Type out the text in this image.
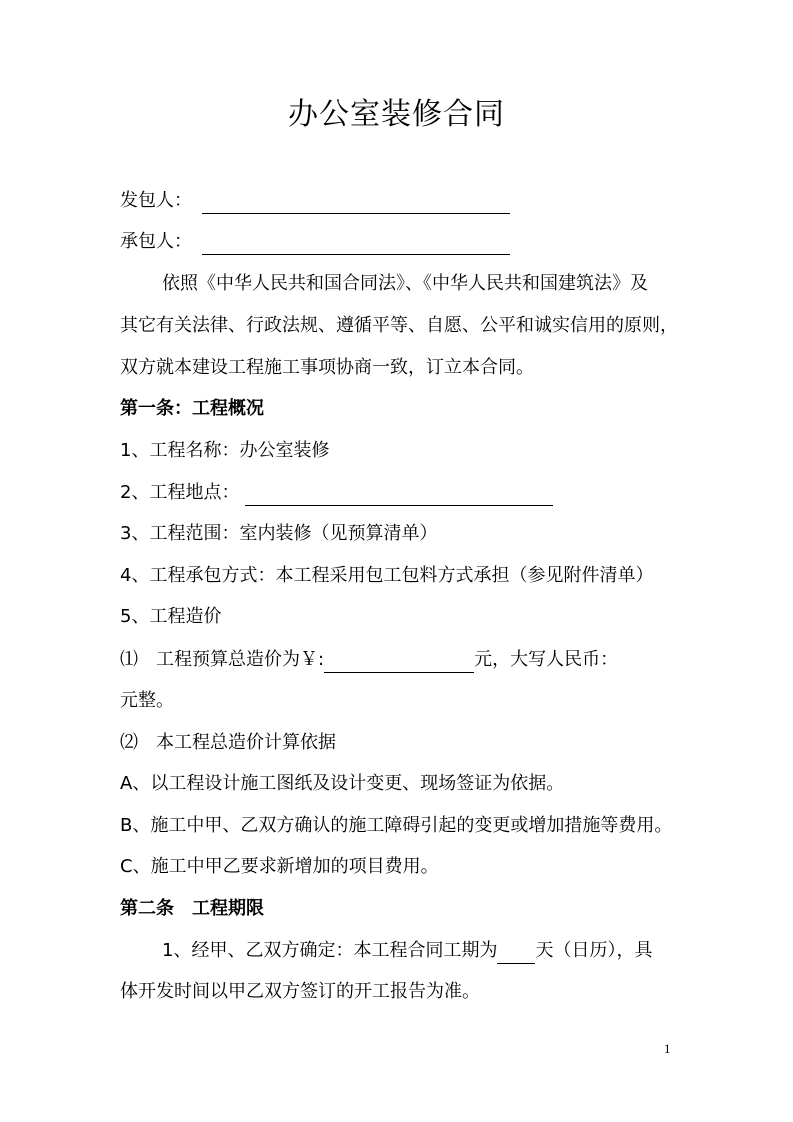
办公室装修合同
发包人：
承包人：
依照《中华人民共和国合同法》、《中华人民共和国建筑法》及
其它有关法律、行政法规、遵循平等、自愿、公平和诚实信用的原则，
双方就本建设工程施工事项协商一致，订立本合同。
第一条：工程概况
1、工程名称：办公室装修
2、工程地点：
3、工程范围：室内装修（见预算清单）
4、工程承包方式：本工程采用包工包料方式承担（参见附件清单）
5、工程造价
⑴　工程预算总造价为￥:	元，大写人民币：
元整。
⑵　本工程总造价计算依据
A、以工程设计施工图纸及设计变更、现场签证为依据。
B、施工中甲、乙双方确认的施工障碍引起的变更或增加措施等费用。
C、施工中甲乙要求新增加的项目费用。
第二条　工程期限
1、经甲、乙双方确定：本工程合同工期为 天（日历），具
体开发时间以甲乙双方签订的开工报告为准。
1
